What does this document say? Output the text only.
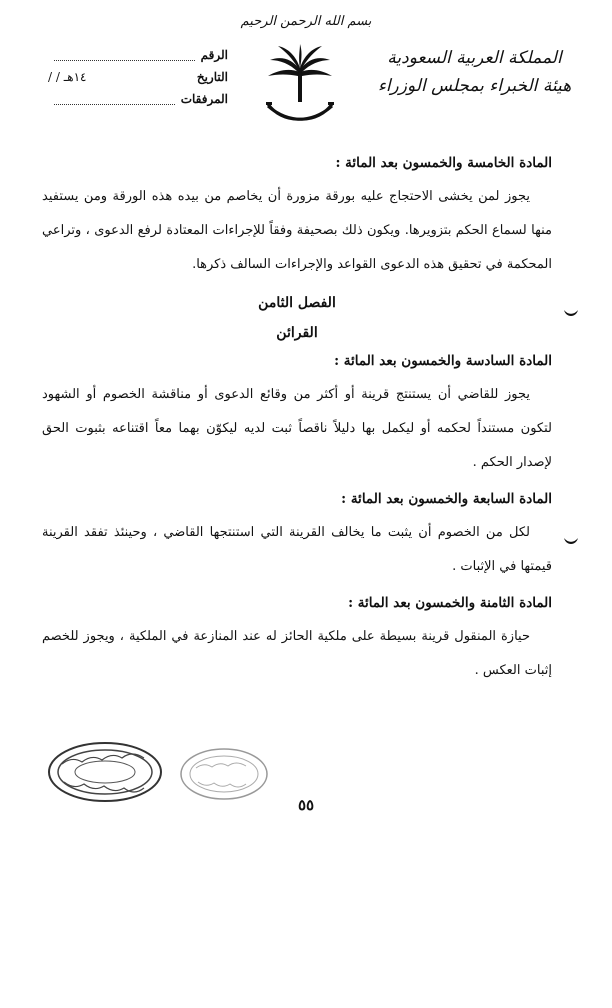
بسم الله الرحمن الرحيم
الرقم
التاريخ
/ / ١٤هـ
المرفقات
المملكة العربية السعودية
هيئة الخبراء بمجلس الوزراء

المادة الخامسة والخمسون بعد المائة :

يجوز لمن يخشى الاحتجاج عليه بورقة مزورة أن يخاصم من بيده هذه الورقة ومن يستفيد منها لسماع الحكم بتزويرها. ويكون ذلك بصحيفة وفقاً للإجراءات المعتادة لرفع الدعوى ، وتراعي المحكمة في تحقيق هذه الدعوى القواعد والإجراءات السالف ذكرها.

الفصل الثامن

القرائن

المادة السادسة والخمسون بعد المائة :

يجوز للقاضي أن يستنتج قرينة أو أكثر من وقائع الدعوى أو مناقشة الخصوم أو الشهود لتكون مستنداً لحكمه أو ليكمل بها دليلاً ناقصاً ثبت لديه ليكوّن بهما معاً اقتناعه بثبوت الحق لإصدار الحكم .

المادة السابعة والخمسون بعد المائة :

لكل من الخصوم أن يثبت ما يخالف القرينة التي استنتجها القاضي ، وحينئذ تفقد القرينة قيمتها في الإثبات .

المادة الثامنة والخمسون بعد المائة :

حيازة المنقول قرينة بسيطة على ملكية الحائز له عند المنازعة في الملكية ، ويجوز للخصم إثبات العكس .

٥٥
